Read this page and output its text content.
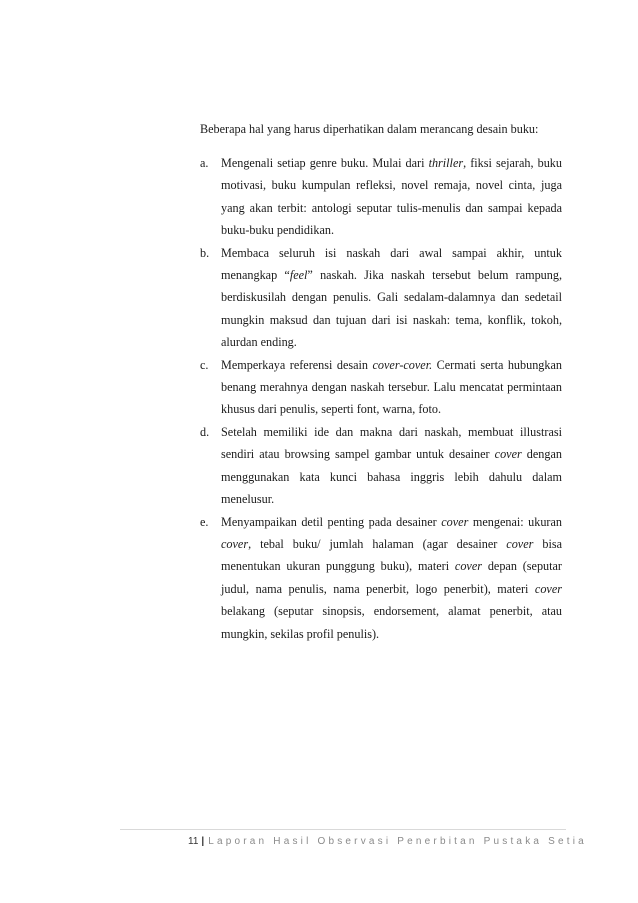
Beberapa hal yang harus diperhatikan dalam merancang desain buku:

a. Mengenali setiap genre buku. Mulai dari thriller, fiksi sejarah, buku motivasi, buku kumpulan refleksi, novel remaja, novel cinta, juga yang akan terbit: antologi seputar tulis-menulis dan sampai kepada buku-buku pendidikan.
b. Membaca seluruh isi naskah dari awal sampai akhir, untuk menangkap “feel” naskah. Jika naskah tersebut belum rampung, berdiskusilah dengan penulis. Gali sedalam-dalamnya dan sedetail mungkin maksud dan tujuan dari isi naskah: tema, konflik, tokoh, alurdan ending.
c. Memperkaya referensi desain cover-cover. Cermati serta hubungkan benang merahnya dengan naskah tersebur. Lalu mencatat permintaan khusus dari penulis, seperti font, warna, foto.
d. Setelah memiliki ide dan makna dari naskah, membuat illustrasi sendiri atau browsing sampel gambar untuk desainer cover dengan menggunakan kata kunci bahasa inggris lebih dahulu dalam menelusur.
e. Menyampaikan detil penting pada desainer cover mengenai: ukuran cover, tebal buku/ jumlah halaman (agar desainer cover bisa menentukan ukuran punggung buku), materi cover depan (seputar judul, nama penulis, nama penerbit, logo penerbit), materi cover belakang (seputar sinopsis, endorsement, alamat penerbit, atau mungkin, sekilas profil penulis).
11 | Laporan Hasil Observasi Penerbitan Pustaka Setia
